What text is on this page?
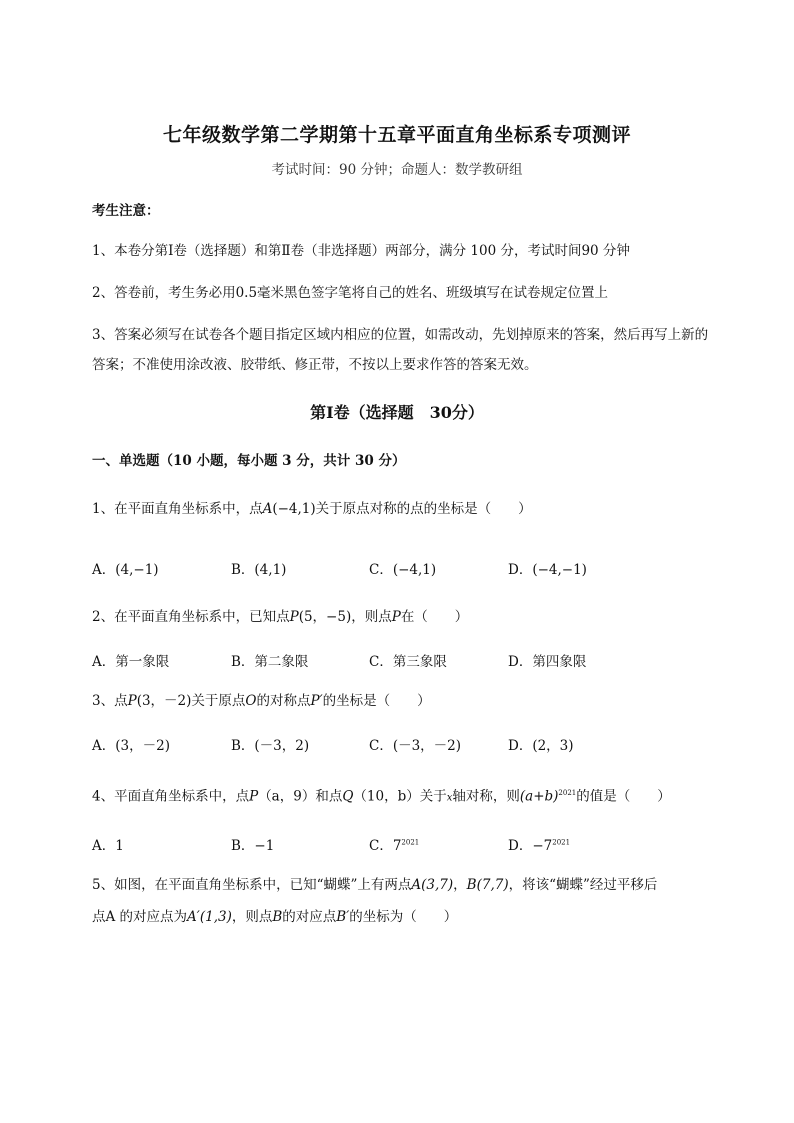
七年级数学第二学期第十五章平面直角坐标系专项测评
考试时间：90 分钟；命题人：数学教研组
考生注意：
1、本卷分第Ⅰ卷（选择题）和第Ⅱ卷（非选择题）两部分，满分 100 分，考试时间90 分钟
2、答卷前，考生务必用0.5毫米黑色签字笔将自己的姓名、班级填写在试卷规定位置上
3、答案必须写在试卷各个题目指定区域内相应的位置，如需改动，先划掉原来的答案，然后再写上新的答案；不准使用涂改液、胶带纸、修正带，不按以上要求作答的答案无效。
第Ⅰ卷（选择题　30分）
一、单选题（10 小题，每小题 3 分，共计 30 分）
1、在平面直角坐标系中，点A(−4,1)关于原点对称的点的坐标是（　　）
A．(4,−1)	B．(4,1)	C．(−4,1)	D．(−4,−1)
2、在平面直角坐标系中，已知点P(5，−5)，则点P在（　　）
A．第一象限	B．第二象限	C．第三象限	D．第四象限
3、点P(3，－2)关于原点O的对称点P′的坐标是（　　）
A．(3，－2)	B．(－3，2)	C．(－3，－2)	D．(2，3)
4、平面直角坐标系中，点P（a，9）和点Q（10，b）关于x轴对称，则$(a+b)^{2021}$的值是（　　）
A．1	B．−1	C．$7^{2021}$	D．$-7^{2021}$
5、如图，在平面直角坐标系中，已知“蝴蝶”上有两点A(3,7)，B(7,7)，将该“蝴蝶”经过平移后
点A 的对应点为A′(1,3)，则点B的对应点B′的坐标为（　　）
